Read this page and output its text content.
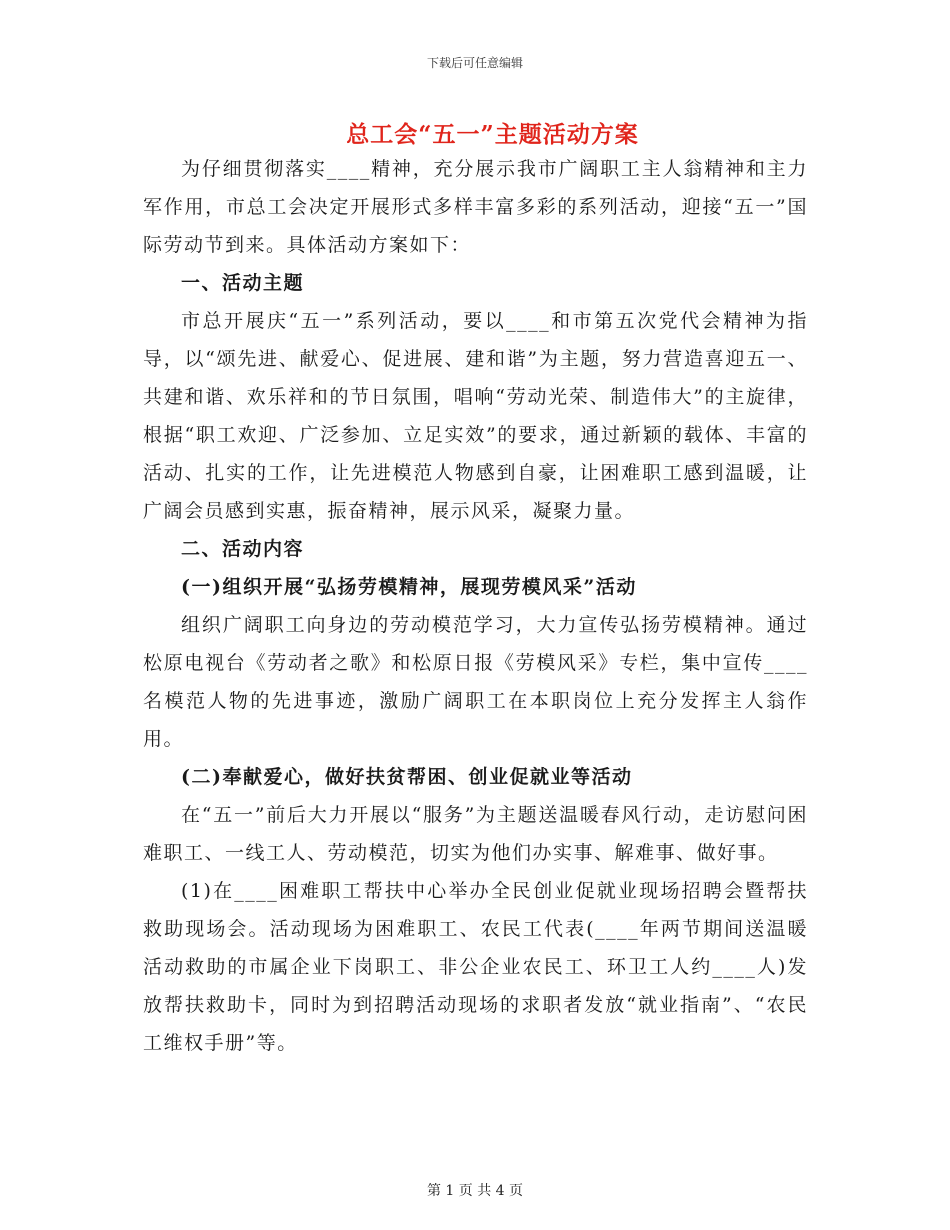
下载后可任意编辑
总工会“五一”主题活动方案

为仔细贯彻落实____精神，充分展示我市广阔职工主人翁精神和主力军作用，市总工会决定开展形式多样丰富多彩的系列活动，迎接“五一”国际劳动节到来。具体活动方案如下：

一、活动主题

市总开展庆“五一”系列活动，要以____和市第五次党代会精神为指导，以“颂先进、献爱心、促进展、建和谐”为主题，努力营造喜迎五一、共建和谐、欢乐祥和的节日氛围，唱响“劳动光荣、制造伟大”的主旋律，根据“职工欢迎、广泛参加、立足实效”的要求，通过新颖的载体、丰富的活动、扎实的工作，让先进模范人物感到自豪，让困难职工感到温暖，让广阔会员感到实惠，振奋精神，展示风采，凝聚力量。

二、活动内容

(一)组织开展“弘扬劳模精神，展现劳模风采”活动

组织广阔职工向身边的劳动模范学习，大力宣传弘扬劳模精神。通过松原电视台《劳动者之歌》和松原日报《劳模风采》专栏，集中宣传____名模范人物的先进事迹，激励广阔职工在本职岗位上充分发挥主人翁作用。

(二)奉献爱心，做好扶贫帮困、创业促就业等活动

在“五一”前后大力开展以“服务”为主题送温暖春风行动，走访慰问困难职工、一线工人、劳动模范，切实为他们办实事、解难事、做好事。

(1)在____困难职工帮扶中心举办全民创业促就业现场招聘会暨帮扶救助现场会。活动现场为困难职工、农民工代表(____年两节期间送温暖活动救助的市属企业下岗职工、非公企业农民工、环卫工人约____人)发放帮扶救助卡，同时为到招聘活动现场的求职者发放“就业指南”、“农民工维权手册”等。

第 1 页 共 4 页
